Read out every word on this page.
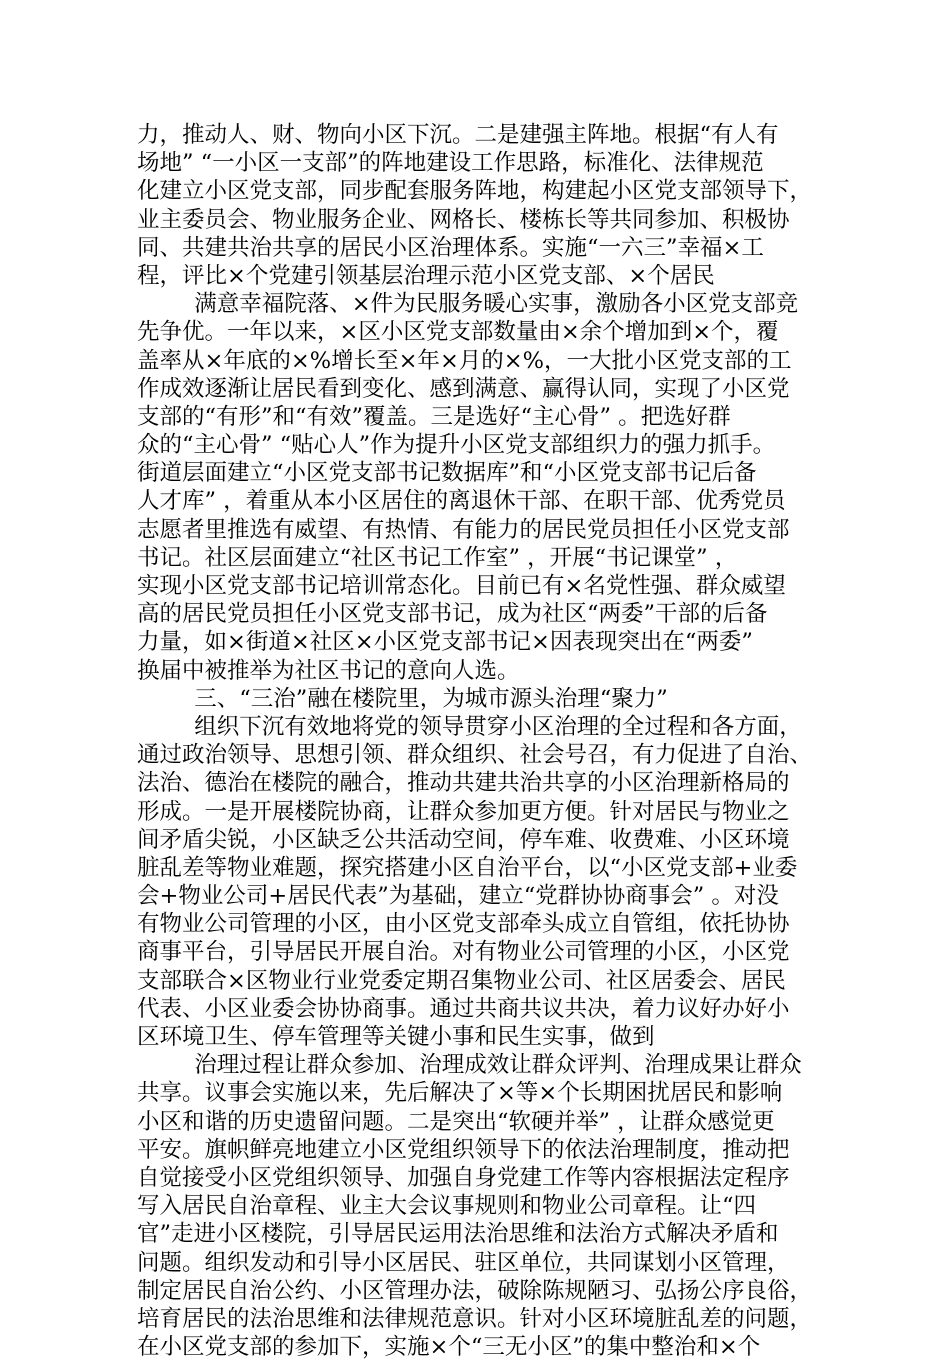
力，推动人、财、物向小区下沉。二是建强主阵地。根据“有人有
场地” “一小区一支部”的阵地建设工作思路，标准化、法律规范
化建立小区党支部，同步配套服务阵地，构建起小区党支部领导下，
业主委员会、物业服务企业、网格长、楼栋长等共同参加、积极协
同、共建共治共享的居民小区治理体系。实施“一六三”幸福×工
程，评比×个党建引领基层治理示范小区党支部、×个居民
满意幸福院落、×件为民服务暖心实事，激励各小区党支部竞
先争优。一年以来，×区小区党支部数量由×余个增加到×个，覆
盖率从×年底的×%增长至×年×月的×%，一大批小区党支部的工
作成效逐渐让居民看到变化、感到满意、赢得认同，实现了小区党
支部的“有形”和“有效”覆盖。三是选好“主心骨” 。把选好群
众的“主心骨” “贴心人”作为提升小区党支部组织力的强力抓手。
街道层面建立“小区党支部书记数据库”和“小区党支部书记后备
人才库” ，着重从本小区居住的离退休干部、在职干部、优秀党员
志愿者里推选有威望、有热情、有能力的居民党员担任小区党支部
书记。社区层面建立“社区书记工作室” ，开展“书记课堂” ，
实现小区党支部书记培训常态化。目前已有×名党性强、群众威望
高的居民党员担任小区党支部书记，成为社区“两委”干部的后备
力量，如×街道×社区×小区党支部书记×因表现突出在“两委”
换届中被推举为社区书记的意向人选。
三、“三治”融在楼院里，为城市源头治理“聚力”
组织下沉有效地将党的领导贯穿小区治理的全过程和各方面，
通过政治领导、思想引领、群众组织、社会号召，有力促进了自治、
法治、德治在楼院的融合，推动共建共治共享的小区治理新格局的
形成。一是开展楼院协商，让群众参加更方便。针对居民与物业之
间矛盾尖锐，小区缺乏公共活动空间，停车难、收费难、小区环境
脏乱差等物业难题，探究搭建小区自治平台，以“小区党支部+业委
会+物业公司+居民代表”为基础，建立“党群协协商事会” 。对没
有物业公司管理的小区，由小区党支部牵头成立自管组，依托协协
商事平台，引导居民开展自治。对有物业公司管理的小区，小区党
支部联合×区物业行业党委定期召集物业公司、社区居委会、居民
代表、小区业委会协协商事。通过共商共议共决，着力议好办好小
区环境卫生、停车管理等关键小事和民生实事，做到
治理过程让群众参加、治理成效让群众评判、治理成果让群众
共享。议事会实施以来，先后解决了×等×个长期困扰居民和影响
小区和谐的历史遗留问题。二是突出“软硬并举” ，让群众感觉更
平安。旗帜鲜亮地建立小区党组织领导下的依法治理制度，推动把
自觉接受小区党组织领导、加强自身党建工作等内容根据法定程序
写入居民自治章程、业主大会议事规则和物业公司章程。让“四
官”走进小区楼院，引导居民运用法治思维和法治方式解决矛盾和
问题。组织发动和引导小区居民、驻区单位，共同谋划小区管理，
制定居民自治公约、小区管理办法，破除陈规陋习、弘扬公序良俗，
培育居民的法治思维和法律规范意识。针对小区环境脏乱差的问题，
在小区党支部的参加下，实施×个“三无小区”的集中整治和×个
